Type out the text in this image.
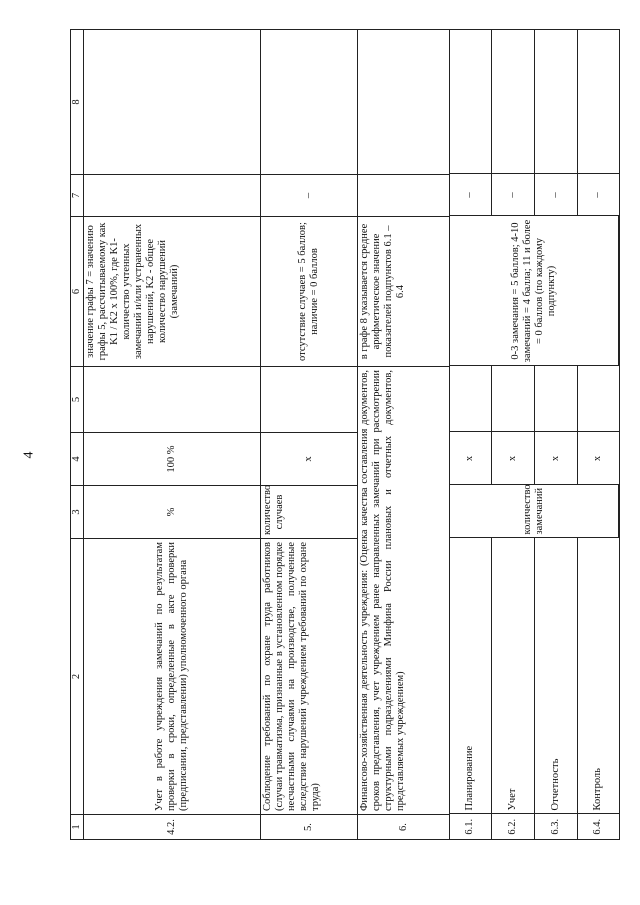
4
1	2	3	4	5	6	7	8
4.2.	Учет в работе учреждения замечаний по результатам проверки в сроки, определенные в акте проверки (предписании, представлении) уполномоченного органа	%	100 %		значение графы 7 = значению графы 5, рассчитываемому как K1 / K2 x 100%, где K1- количество учтенных замечаний и/или устраненных нарушений, K2 - общее количество нарушений (замечаний)		
5.	Соблюдение требований по охране труда работников (случаи травматизма, признанные в установленном порядке несчастными случаями на производстве, полученные вследствие нарушений учреждением требований по охране труда)	количество случаев	x		отсутствие случаев = 5 баллов; наличие = 0 баллов	–	
6.	Финансово-хозяйственная деятельность учреждения: (Оценка качества составления документов, сроков представления, учет учреждением ранее направленных замечаний при рассмотрении структурными подразделениями Минфина России плановых и отчетных документов, представляемых учреждением)	в графе 8 указывается среднее арифметическое значение показателей подпунктов 6.1 –6.4		

6.1.	Планирование	количество замечаний	x		0-3 замечания = 5 баллов; 4-10 замечаний = 4 балла; 11 и более = 0 баллов (по каждому подпункту)	–	
6.2.	Учет	x		–	
6.3.	Отчетность	x		–	
6.4.	Контроль	x		–	
